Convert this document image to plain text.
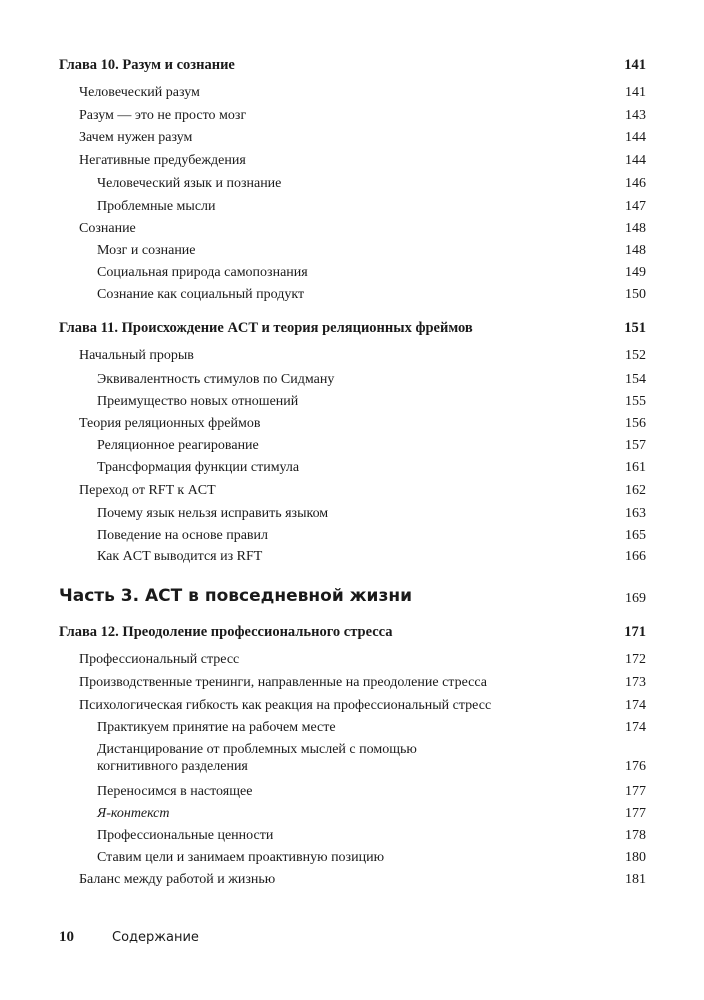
Глава 10. Разум и сознание	141
Человеческий разум	141
Разум — это не просто мозг	143
Зачем нужен разум	144
Негативные предубеждения	144
Человеческий язык и познание	146
Проблемные мысли	147
Сознание	148
Мозг и сознание	148
Социальная природа самопознания	149
Сознание как социальный продукт	150
Глава 11. Происхождение ACT и теория реляционных фреймов	151
Начальный прорыв	152
Эквивалентность стимулов по Сидману	154
Преимущество новых отношений	155
Теория реляционных фреймов	156
Реляционное реагирование	157
Трансформация функции стимула	161
Переход от RFT к ACT	162
Почему язык нельзя исправить языком	163
Поведение на основе правил	165
Как ACT выводится из RFT	166
Часть 3. ACT в повседневной жизни	169
Глава 12. Преодоление профессионального стресса	171
Профессиональный стресс	172
Производственные тренинги, направленные на преодоление стресса	173
Психологическая гибкость как реакция на профессиональный стресс	174
Практикуем принятие на рабочем месте	174
Дистанцирование от проблемных мыслей с помощью
когнитивного разделения	176
Переносимся в настоящее	177
Я-контекст	177
Профессиональные ценности	178
Ставим цели и занимаем проактивную позицию	180
Баланс между работой и жизнью	181
10	Содержание
